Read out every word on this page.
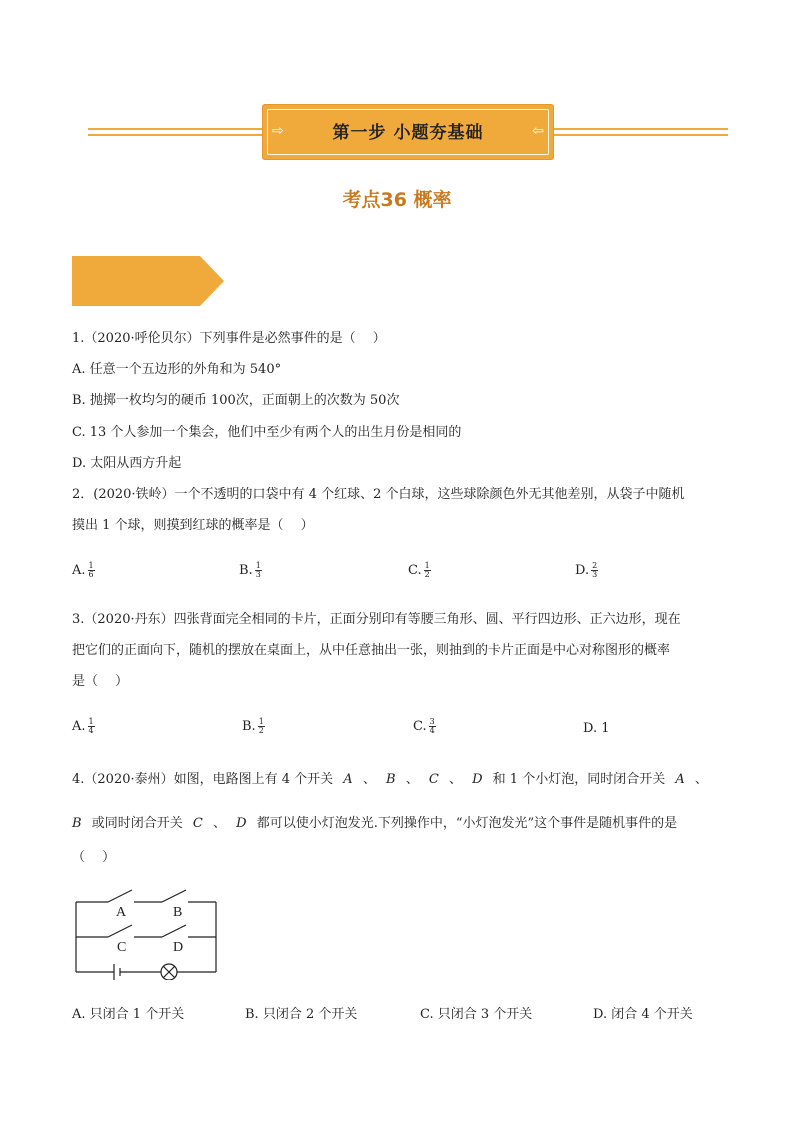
⇨	第一步 小题夯基础	⇦
考点36 概率
1.（2020·呼伦贝尔）下列事件是必然事件的是（　 ）
A. 任意一个五边形的外角和为 540°
B. 抛掷一枚均匀的硬币 100次，正面朝上的次数为 50次
C. 13 个人参加一个集会，他们中至少有两个人的出生月份是相同的
D. 太阳从西方升起
2．(2020·铁岭）一个不透明的口袋中有 4 个红球、2 个白球，这些球除颜色外无其他差别，从袋子中随机
摸出 1 个球，则摸到红球的概率是（　 ）
A. $\frac{1}{6}$	B. $\frac{1}{3}$	C. $\frac{1}{2}$	D. $\frac{2}{3}$
3.（2020·丹东）四张背面完全相同的卡片，正面分别印有等腰三角形、圆、平行四边形、正六边形，现在
把它们的正面向下，随机的摆放在桌面上，从中任意抽出一张，则抽到的卡片正面是中心对称图形的概率
是（　 ）
A. $\frac{1}{4}$	B. $\frac{1}{2}$	C. $\frac{3}{4}$	D. 1
4.（2020·泰州）如图，电路图上有 4 个开关 A 、 B 、 C 、 D 和 1 个小灯泡，同时闭合开关 A 、
B 或同时闭合开关 C 、 D 都可以使小灯泡发光.下列操作中，“小灯泡发光”这个事件是随机事件的是
（　 ）
A	B
C	D
A. 只闭合 1 个开关	B. 只闭合 2 个开关	C. 只闭合 3 个开关	D. 闭合 4 个开关
